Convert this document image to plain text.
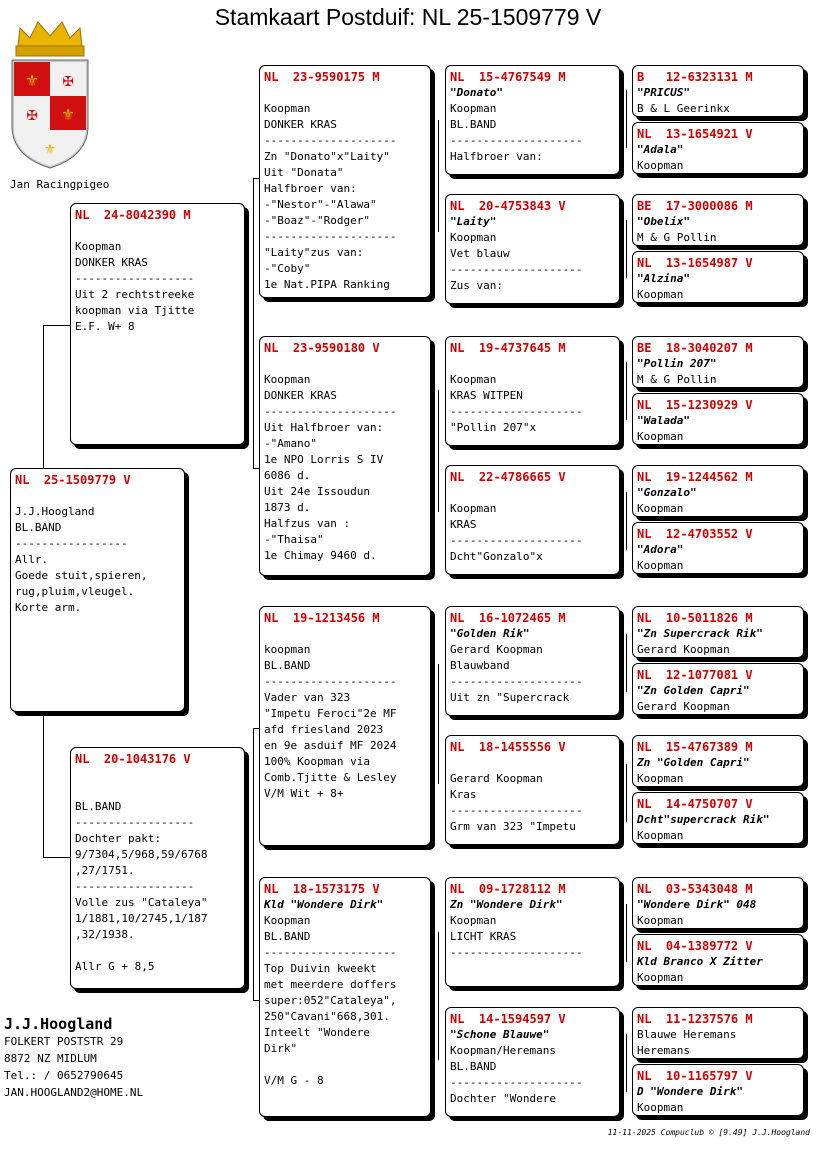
Stamkaart Postduif: NL 25-1509779 V
⚜ ✠
✠ ⚜
⚜
Jan Racingpigeo
NL  25-1509779 V

J.J.Hoogland
BL.BAND
-----------------
Allr.
Goede stuit,spieren,
rug,pluim,vleugel.
Korte arm.
NL  24-8042390 M

Koopman
DONKER KRAS
------------------
Uit 2 rechtstreeke
koopman via Tjitte
E.F. W+ 8
NL  20-1043176 V

BL.BAND
------------------
Dochter pakt:
9/7304,5/968,59/6768
,27/1751.
------------------
Volle zus "Cataleya"
1/1881,10/2745,1/187
,32/1938.

Allr G + 8,5
NL  23-9590175 M

Koopman
DONKER KRAS
--------------------
Zn "Donato"x"Laity"
Uit "Donata"
Halfbroer van:
-"Nestor"-"Alawa"
-"Boaz"-"Rodger"
--------------------
"Laity"zus van:
-"Coby"
1e Nat.PIPA Ranking
NL  23-9590180 V

Koopman
DONKER KRAS
--------------------
Uit Halfbroer van:
-"Amano"
1e NPO Lorris S IV
6086 d.
Uit 24e Issoudun
1873 d.
Halfzus van :
-"Thaisa"
1e Chimay 9460 d.
NL  19-1213456 M

koopman
BL.BAND
--------------------
Vader van 323
"Impetu Feroci"2e MF
afd friesland 2023
en 9e asduif MF 2024
100% Koopman via
Comb.Tjitte & Lesley
V/M Wit + 8+
NL  18-1573175 V
Kld "Wondere Dirk"
Koopman
BL.BAND
--------------------
Top Duivin kweekt
met meerdere doffers
super:052"Cataleya",
250"Cavani"668,301.
Inteelt "Wondere
Dirk"

V/M G - 8
NL  15-4767549 M
"Donato"
Koopman
BL.BAND
--------------------
Halfbroer van:
NL  20-4753843 V
"Laity"
Koopman
Vet blauw
--------------------
Zus van:
NL  19-4737645 M

Koopman
KRAS WITPEN
--------------------
"Pollin 207"x
NL  22-4786665 V

Koopman
KRAS
--------------------
Dcht"Gonzalo"x
NL  16-1072465 M
"Golden Rik"
Gerard Koopman
Blauwband
--------------------
Uit zn "Supercrack
NL  18-1455556 V

Gerard Koopman
Kras
--------------------
Grm van 323 "Impetu
NL  09-1728112 M
Zn "Wondere Dirk"
Koopman
LICHT KRAS
--------------------
NL  14-1594597 V
"Schone Blauwe"
Koopman/Heremans
BL.BAND
--------------------
Dochter "Wondere
B   12-6323131 M
"PRICUS"
B & L Geerinkx
NL  13-1654921 V
"Adala"
Koopman
BE  17-3000086 M
"Obelix"
M & G Pollin
NL  13-1654987 V
"Alzina"
Koopman
BE  18-3040207 M
"Pollin 207"
M & G Pollin
NL  15-1230929 V
"Walada"
Koopman
NL  19-1244562 M
"Gonzalo"
Koopman
NL  12-4703552 V
"Adora"
Koopman
NL  10-5011826 M
"Zn Supercrack Rik"
Gerard Koopman
NL  12-1077081 V
"Zn Golden Capri"
Gerard Koopman
NL  15-4767389 M
Zn "Golden Capri"
Koopman
NL  14-4750707 V
Dcht"supercrack Rik"
Koopman
NL  03-5343048 M
"Wondere Dirk" 048
Koopman
NL  04-1389772 V
Kld Branco X Zitter
Koopman
NL  11-1237576 M
Blauwe Heremans
Heremans
NL  10-1165797 V
D "Wondere Dirk"
Koopman
J.J.Hoogland
FOLKERT POSTSTR 29
8872 NZ MIDLUM
Tel.: / 0652790645
JAN.HOOGLAND2@HOME.NL
11-11-2025 Compuclub © [9.49] J.J.Hoogland
